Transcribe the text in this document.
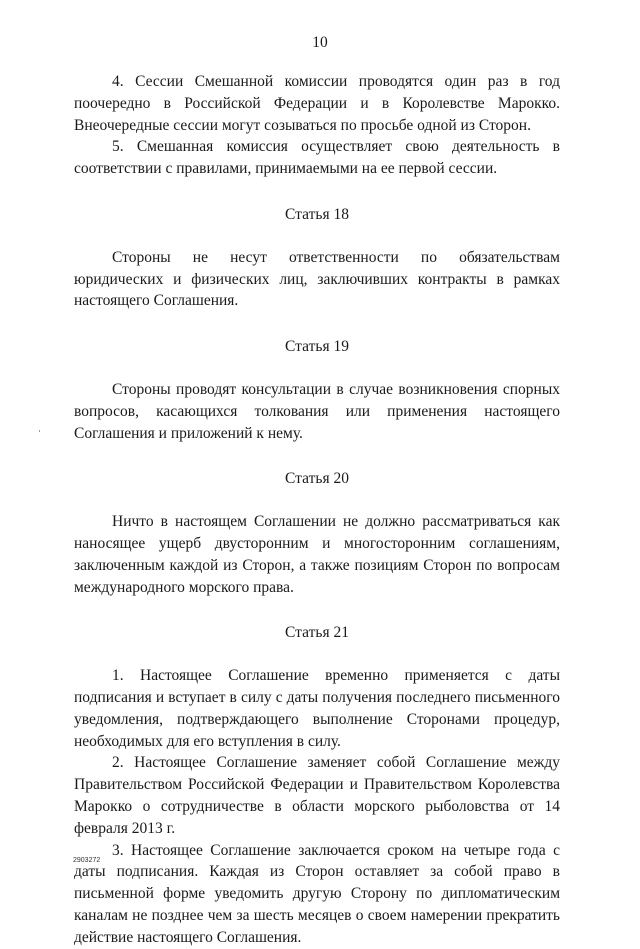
10

4. Сессии Смешанной комиссии проводятся один раз в год поочередно в Российской Федерации и в Королевстве Марокко. Внеочередные сессии могут созываться по просьбе одной из Сторон.

5. Смешанная комиссия осуществляет свою деятельность в соответствии с правилами, принимаемыми на ее первой сессии.

Статья 18

Стороны не несут ответственности по обязательствам юридических и физических лиц, заключивших контракты в рамках настоящего Соглашения.

Статья 19

Стороны проводят консультации в случае возникновения спорных вопросов, касающихся толкования или применения настоящего Соглашения и приложений к нему.

Статья 20

Ничто в настоящем Соглашении не должно рассматриваться как наносящее ущерб двусторонним и многосторонним соглашениям, заключенным каждой из Сторон, а также позициям Сторон по вопросам международного морского права.

Статья 21

1. Настоящее Соглашение временно применяется с даты подписания и вступает в силу с даты получения последнего письменного уведомления, подтверждающего выполнение Сторонами процедур, необходимых для его вступления в силу.

2. Настоящее Соглашение заменяет собой Соглашение между Правительством Российской Федерации и Правительством Королевства Марокко о сотрудничестве в области морского рыболовства от 14 февраля 2013 г.

3. Настоящее Соглашение заключается сроком на четыре года с даты подписания. Каждая из Сторон оставляет за собой право в письменной форме уведомить другую Сторону по дипломатическим каналам не позднее чем за шесть месяцев о своем намерении прекратить действие настоящего Соглашения.

2903272
